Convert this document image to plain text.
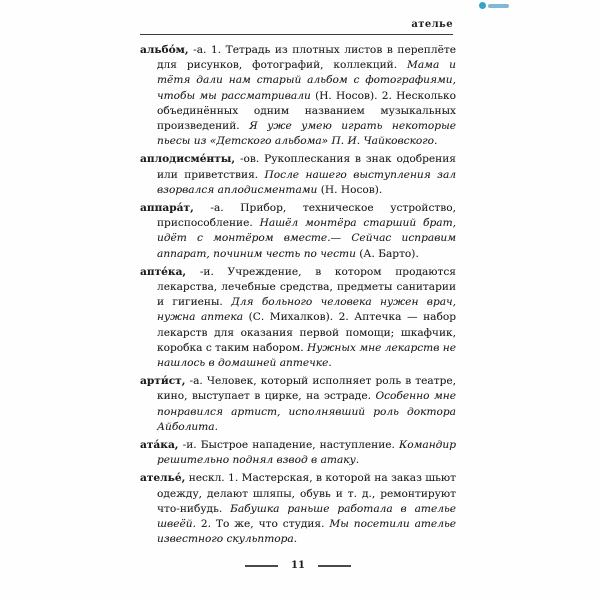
ателье
альбо́м, -а. 1. Тетрадь из плотных листов в переплёте для рисунков, фотографий, коллекций. Мама и тётя дали нам старый альбом с фотографиями, чтобы мы рассматривали (Н. Носов). 2. Несколько объединённых одним названием музыкальных произведений. Я уже умею играть некоторые пьесы из «Детского альбома» П. И. Чайковского.
аплодисме́нты, -ов. Рукоплескания в знак одобрения или приветствия. После нашего выступления зал взорвался аплодисментами (Н. Носов).
аппара́т, -а. Прибор, техническое устройство, приспособление. Нашёл монтёра старший брат, идёт с монтёром вместе.— Сейчас исправим аппарат, починим честь по чести (А. Барто).
апте́ка, -и. Учреждение, в котором продаются лекарства, лечебные средства, предметы санитарии и гигиены. Для больного человека нужен врач, нужна аптека (С. Михалков). 2. Аптечка — набор лекарств для оказания первой помощи; шкафчик, коробка с таким набором. Нужных мне лекарств не нашлось в домашней аптечке.
арти́ст, -а. Человек, который исполняет роль в театре, кино, выступает в цирке, на эстраде. Особенно мне понравился артист, исполнявший роль доктора Айболита.
ата́ка, -и. Быстрое нападение, наступление. Командир решительно поднял взвод в атаку.
ателье́, нескл. 1. Мастерская, в которой на заказ шьют одежду, делают шляпы, обувь и т. д., ремонтируют что-нибудь. Бабушка раньше работала в ателье швеёй. 2. То же, что студия. Мы посетили ателье известного скульптора.
11
